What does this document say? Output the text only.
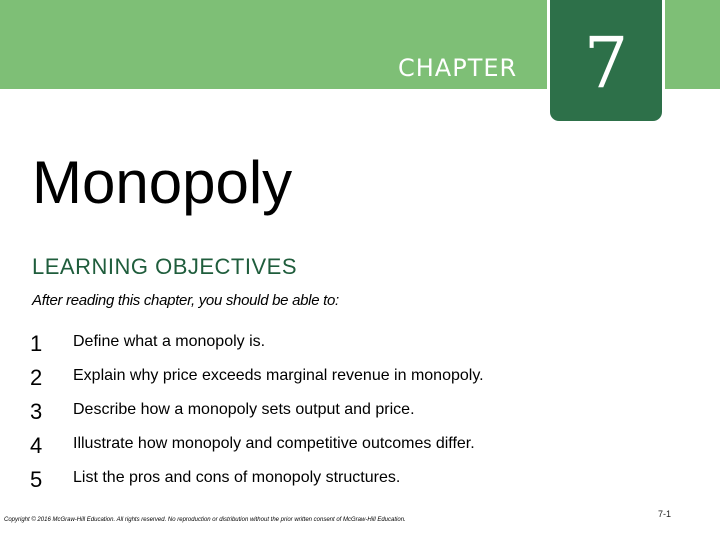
CHAPTER 7
Monopoly
LEARNING OBJECTIVES
After reading this chapter, you should be able to:
1	Define what a monopoly is.
2	Explain why price exceeds marginal revenue in monopoly.
3	Describe how a monopoly sets output and price.
4	Illustrate how monopoly and competitive outcomes differ.
5	List the pros and cons of monopoly structures.
Copyright © 2016 McGraw-Hill Education. All rights reserved. No reproduction or distribution without the prior written consent of McGraw-Hill Education.
7-1
